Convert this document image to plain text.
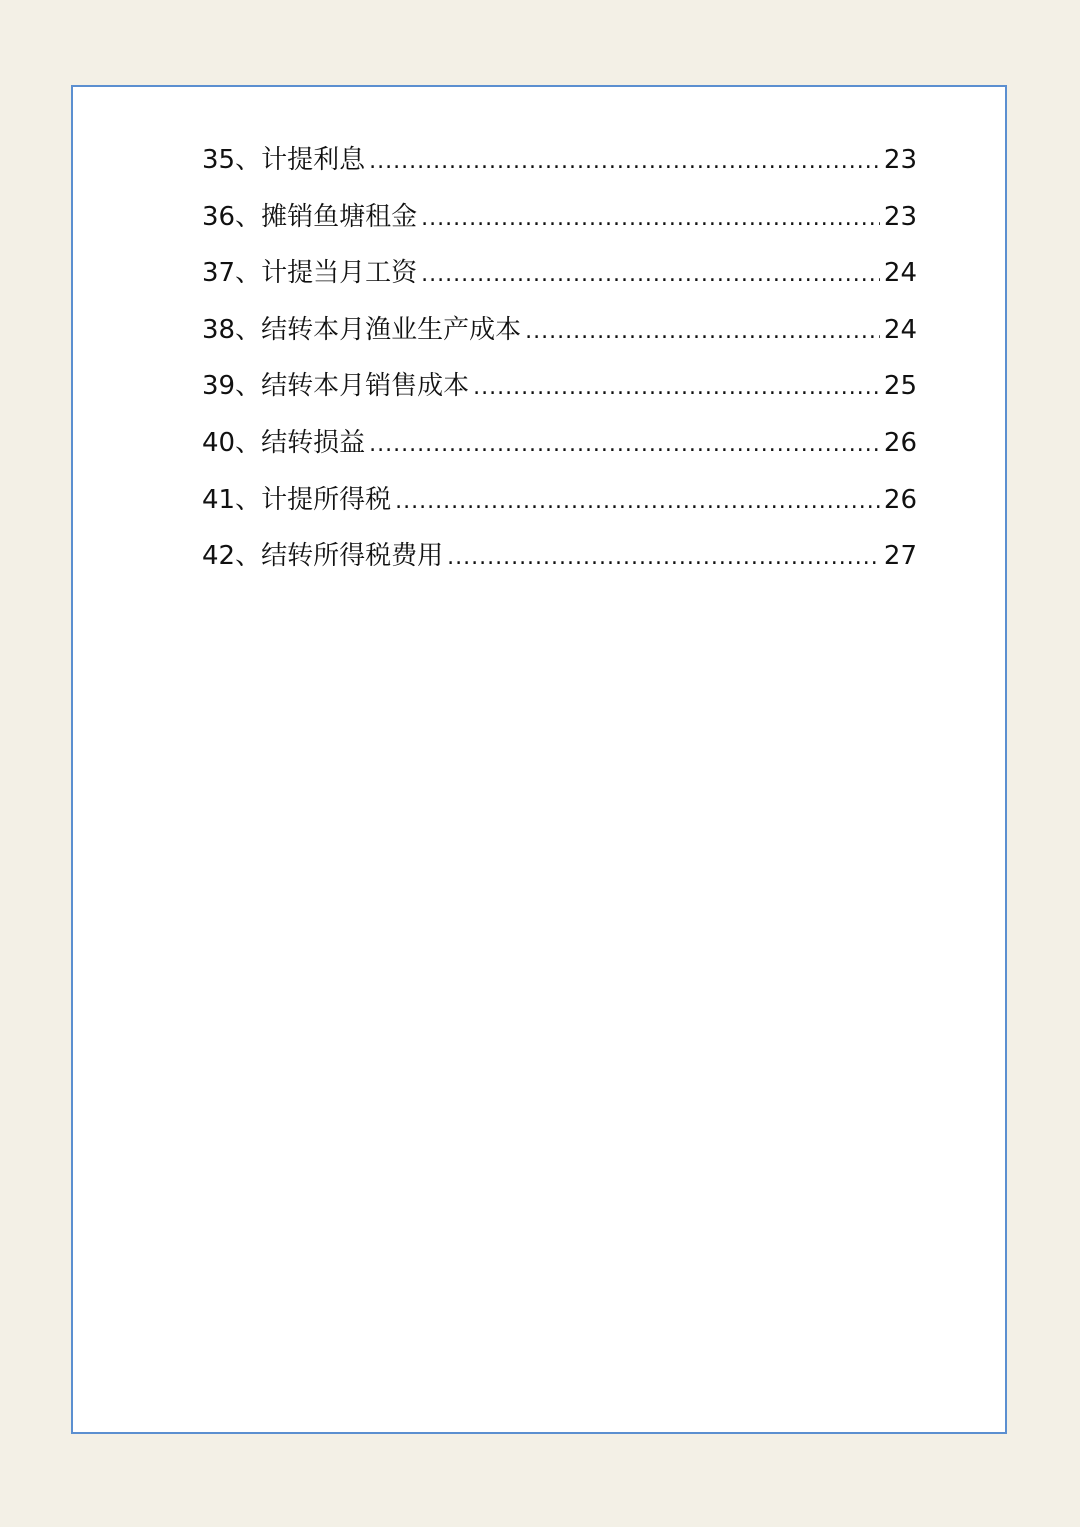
35 、 计提利息 .....	23
36 、 摊销鱼塘租金 .....	23
37 、 计提当月工资 .....	24
38 、 结转本月渔业生产成本 .....	24
39 、 结转本月销售成本 .....	25
40 、 结转损益 .....	26
41 、 计提所得税 .....	26
42 、 结转所得税费用 .....	27
